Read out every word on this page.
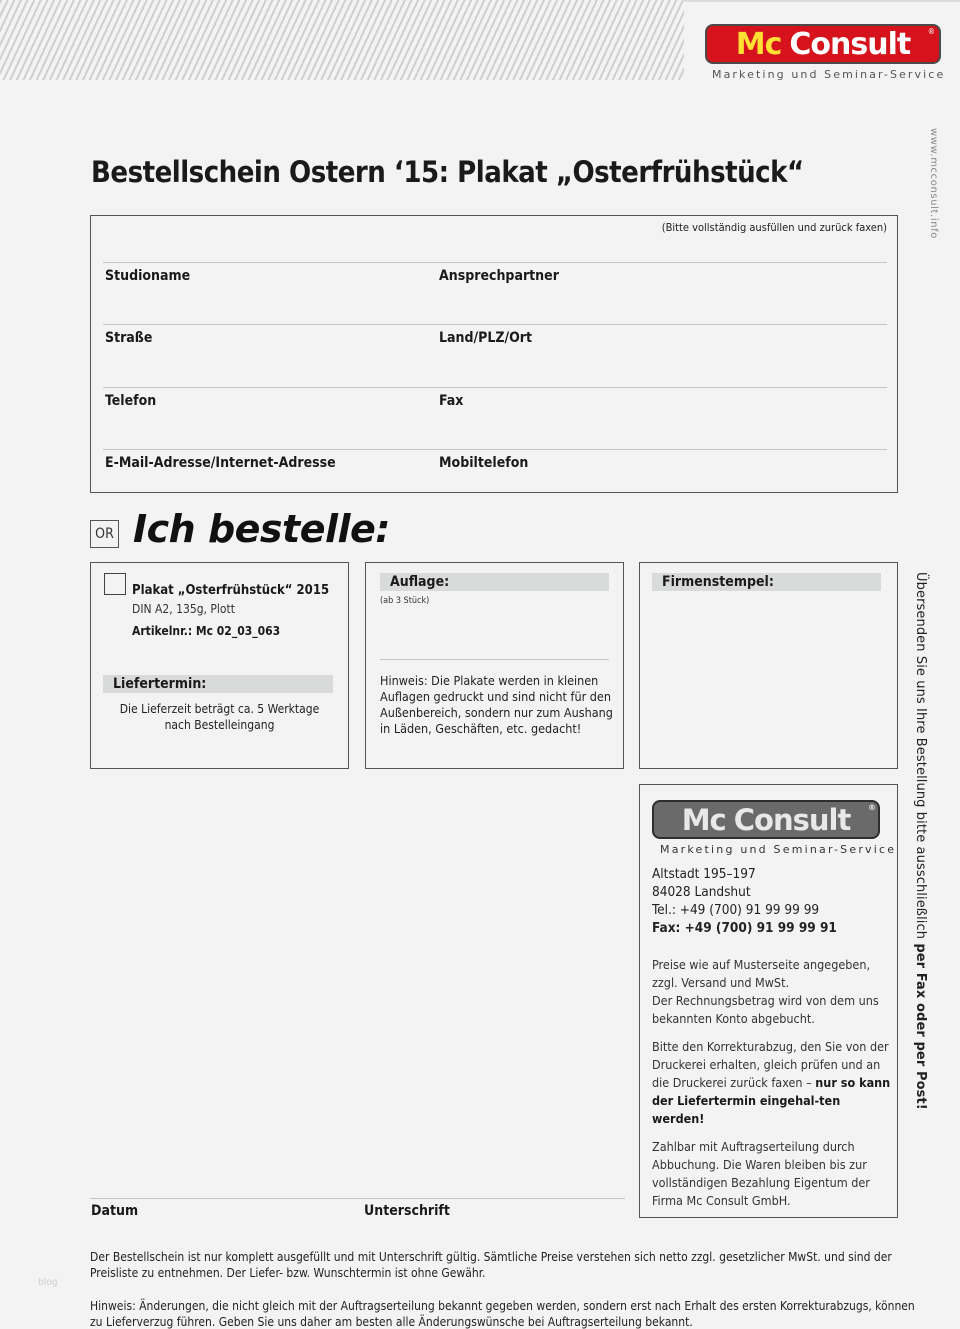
Mc Consult ®
Marketing und Seminar-Service
www.mcconsult.info
Bestellschein Ostern ‘15: Plakat „Osterfrühstück“
(Bitte vollständig ausfüllen und zurück faxen)
Studioname	Ansprechpartner
Straße	Land/PLZ/Ort
Telefon	Fax
E-Mail-Adresse/Internet-Adresse	Mobiltelefon
OR Ich bestelle:
Plakat „Osterfrühstück“ 2015
DIN A2, 135g, Plott
Artikelnr.: Mc 02_03_063
Liefertermin:
Die Lieferzeit beträgt ca. 5 Werktage
nach Bestelleingang
Auflage:
(ab 3 Stück)
Hinweis: Die Plakate werden in kleinen Auflagen gedruckt und sind nicht für den Außenbereich, sondern nur zum Aushang in Läden, Geschäften, etc. gedacht!
Firmenstempel:
Mc Consult ®
Marketing und Seminar-Service
Altstadt 195–197
84028 Landshut
Tel.: +49 (700) 91 99 99 99
Fax: +49 (700) 91 99 99 91
Preise wie auf Musterseite angegeben, zzgl. Versand und MwSt.
Der Rechnungsbetrag wird von dem uns bekannten Konto abgebucht.
Bitte den Korrekturabzug, den Sie von der Druckerei erhalten, gleich prüfen und an die Druckerei zurück faxen – nur so kann der Liefertermin eingehal-ten werden!
Zahlbar mit Auftragserteilung durch Abbuchung. Die Waren bleiben bis zur vollständigen Bezahlung Eigentum der Firma Mc Consult GmbH.
Übersenden Sie uns Ihre Bestellung bitte ausschließlich per Fax oder per Post!
Datum	Unterschrift
Der Bestellschein ist nur komplett ausgefüllt und mit Unterschrift gültig. Sämtliche Preise verstehen sich netto zzgl. gesetzlicher MwSt. und sind der Preisliste zu entnehmen. Der Liefer- bzw. Wunschtermin ist ohne Gewähr.
Hinweis: Änderungen, die nicht gleich mit der Auftragserteilung bekannt gegeben werden, sondern erst nach Erhalt des ersten Korrekturabzugs, können zu Lieferverzug führen. Geben Sie uns daher am besten alle Änderungswünsche bei Auftragserteilung bekannt.
blog
